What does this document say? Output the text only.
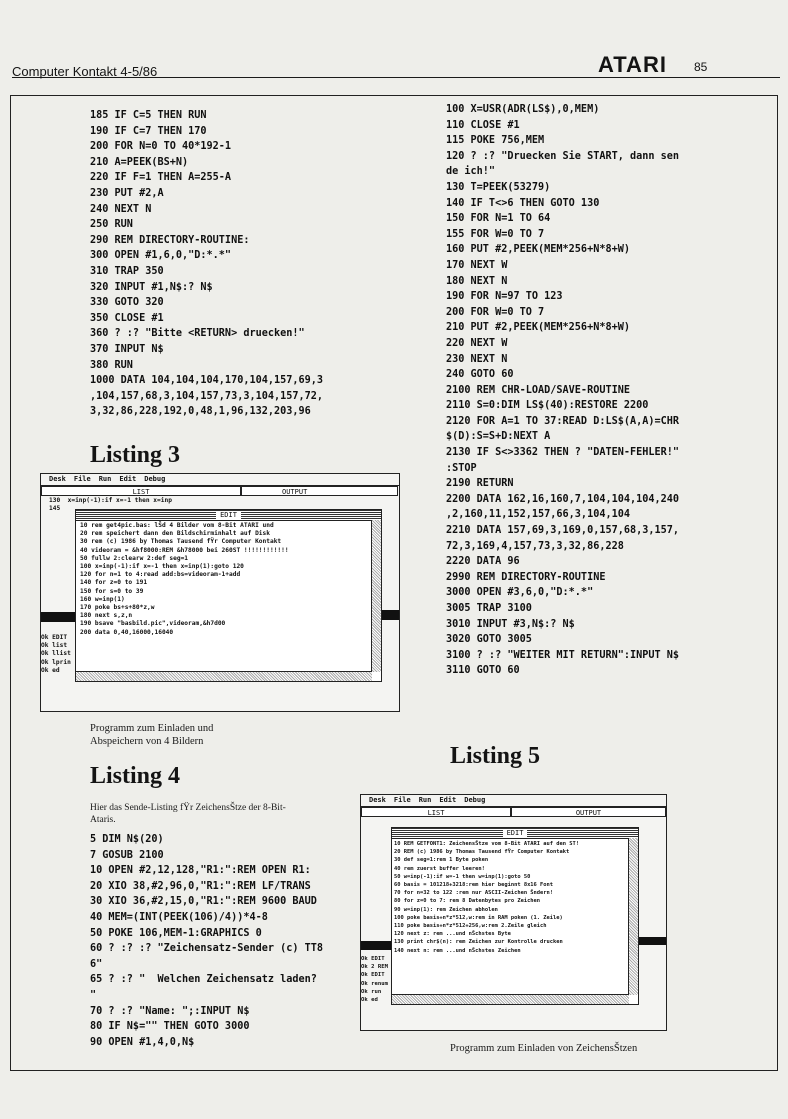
Computer Kontakt 4-5/86	ATARI 85
185 IF C=5 THEN RUN
190 IF C=7 THEN 170
200 FOR N=0 TO 40*192-1
210 A=PEEK(BS+N)
220 IF F=1 THEN A=255-A
230 PUT #2,A
240 NEXT N
250 RUN
290 REM DIRECTORY-ROUTINE:
300 OPEN #1,6,0,"D:*.*"
310 TRAP 350
320 INPUT #1,N$:? N$
330 GOTO 320
350 CLOSE #1
360 ? :? "Bitte <RETURN> druecken!"
370 INPUT N$
380 RUN
1000 DATA 104,104,104,170,104,157,69,3
,104,157,68,3,104,157,73,3,104,157,72,
3,32,86,228,192,0,48,1,96,132,203,96
100 X=USR(ADR(LS$),0,MEM)
110 CLOSE #1
115 POKE 756,MEM
120 ? :? "Druecken Sie START, dann sen
de ich!"
130 T=PEEK(53279)
140 IF T<>6 THEN GOTO 130
150 FOR N=1 TO 64
155 FOR W=0 TO 7
160 PUT #2,PEEK(MEM*256+N*8+W)
170 NEXT W
180 NEXT N
190 FOR N=97 TO 123
200 FOR W=0 TO 7
210 PUT #2,PEEK(MEM*256+N*8+W)
220 NEXT W
230 NEXT N
240 GOTO 60
2100 REM CHR-LOAD/SAVE-ROUTINE
2110 S=0:DIM LS$(40):RESTORE 2200
2120 FOR A=1 TO 37:READ D:LS$(A,A)=CHR
$(D):S=S+D:NEXT A
2130 IF S<>3362 THEN ? "DATEN-FEHLER!"
:STOP
2190 RETURN
2200 DATA 162,16,160,7,104,104,104,240
,2,160,11,152,157,66,3,104,104
2210 DATA 157,69,3,169,0,157,68,3,157,
72,3,169,4,157,73,3,32,86,228
2220 DATA 96
2990 REM DIRECTORY-ROUTINE
3000 OPEN #3,6,0,"D:*.*"
3005 TRAP 3100
3010 INPUT #3,N$:? N$
3020 GOTO 3005
3100 ? :? "WEITER MIT RETURN":INPUT N$
3110 GOTO 60
Listing 3
Desk File Run Edit Debug
LIST	OUTPUT
130  x=inp(-1):if x=-1 then x=inp
145
EDIT
10 rem get4pic.bas: lŠd 4 Bilder vom 8-Bit ATARI und
20 rem speichert dann den Bildschirminhalt auf Disk
30 rem (c) 1986 by Thomas Tausend fŸr Computer Kontakt
40 videoram = &hf8000:REM &h78000 bei 260ST !!!!!!!!!!!!
50 fullw 2:clearw 2:def seg=1
100 x=inp(-1):if x=-1 then x=inp(1):goto 120
120 for n=1 to 4:read add:bs=videoram-1+add
140 for z=0 to 191
150 for s=0 to 39
160 w=inp(1)
170 poke bs+s+80*z,w
180 next s,z,n
190 bsave "basbild.pic",videoram,&h7d00
200 data 0,40,16000,16040
Ok EDIT
Ok list
Ok llist
Ok lprin
Ok ed
Programm zum Einladen und
Abspeichern von 4 Bildern
Listing 4
Hier das Sende-Listing fŸr ZeichensŠtze der 8-Bit-
Ataris.
5 DIM N$(20)
7 GOSUB 2100
10 OPEN #2,12,128,"R1:":REM OPEN R1:
20 XIO 38,#2,96,0,"R1:":REM LF/TRANS
30 XIO 36,#2,15,0,"R1:":REM 9600 BAUD
40 MEM=(INT(PEEK(106)/4))*4-8
50 POKE 106,MEM-1:GRAPHICS 0
60 ? :? :? "Zeichensatz-Sender (c) TT8
6"
65 ? :? "  Welchen Zeichensatz laden?
"
70 ? :? "Name: ";:INPUT N$
80 IF N$="" THEN GOTO 3000
90 OPEN #1,4,0,N$
Listing 5
Desk File Run Edit Debug
LIST	OUTPUT
EDIT
10 REM GETFONT1: ZeichensŠtze vom 8-Bit ATARI auf den ST!
20 REM (c) 1986 by Thomas Tausend fŸr Computer Kontakt
30 def seg=1:rem 1 Byte poken
40 rem zuerst buffer leeren!
50 w=inp(-1):if w=-1 then w=inp(1):goto 50
60 basis = 101218+3218:rem hier beginnt 8x16 Font
70 for n=32 to 122 :rem nur ASCII-Zeichen Šndern!
80 for z=0 to 7: rem 8 Datenbytes pro Zeichen
90 w=inp(1): rem Zeichen abholen
100 poke basis+n*z*512,w:rem in RAM poken (1. Zeile)
110 poke basis+n*z*512+256,w:rem 2.Zeile gleich
120 next z: rem ...und nŠchstes Byte
130 print chr$(n): rem Zeichen zur Kontrolle drucken
140 next n: rem ...und nŠchstes Zeichen
Ok EDIT
Ok 2 REM
Ok EDIT
Ok renum
Ok run
Ok ed
Programm zum Einladen von ZeichensŠtzen
